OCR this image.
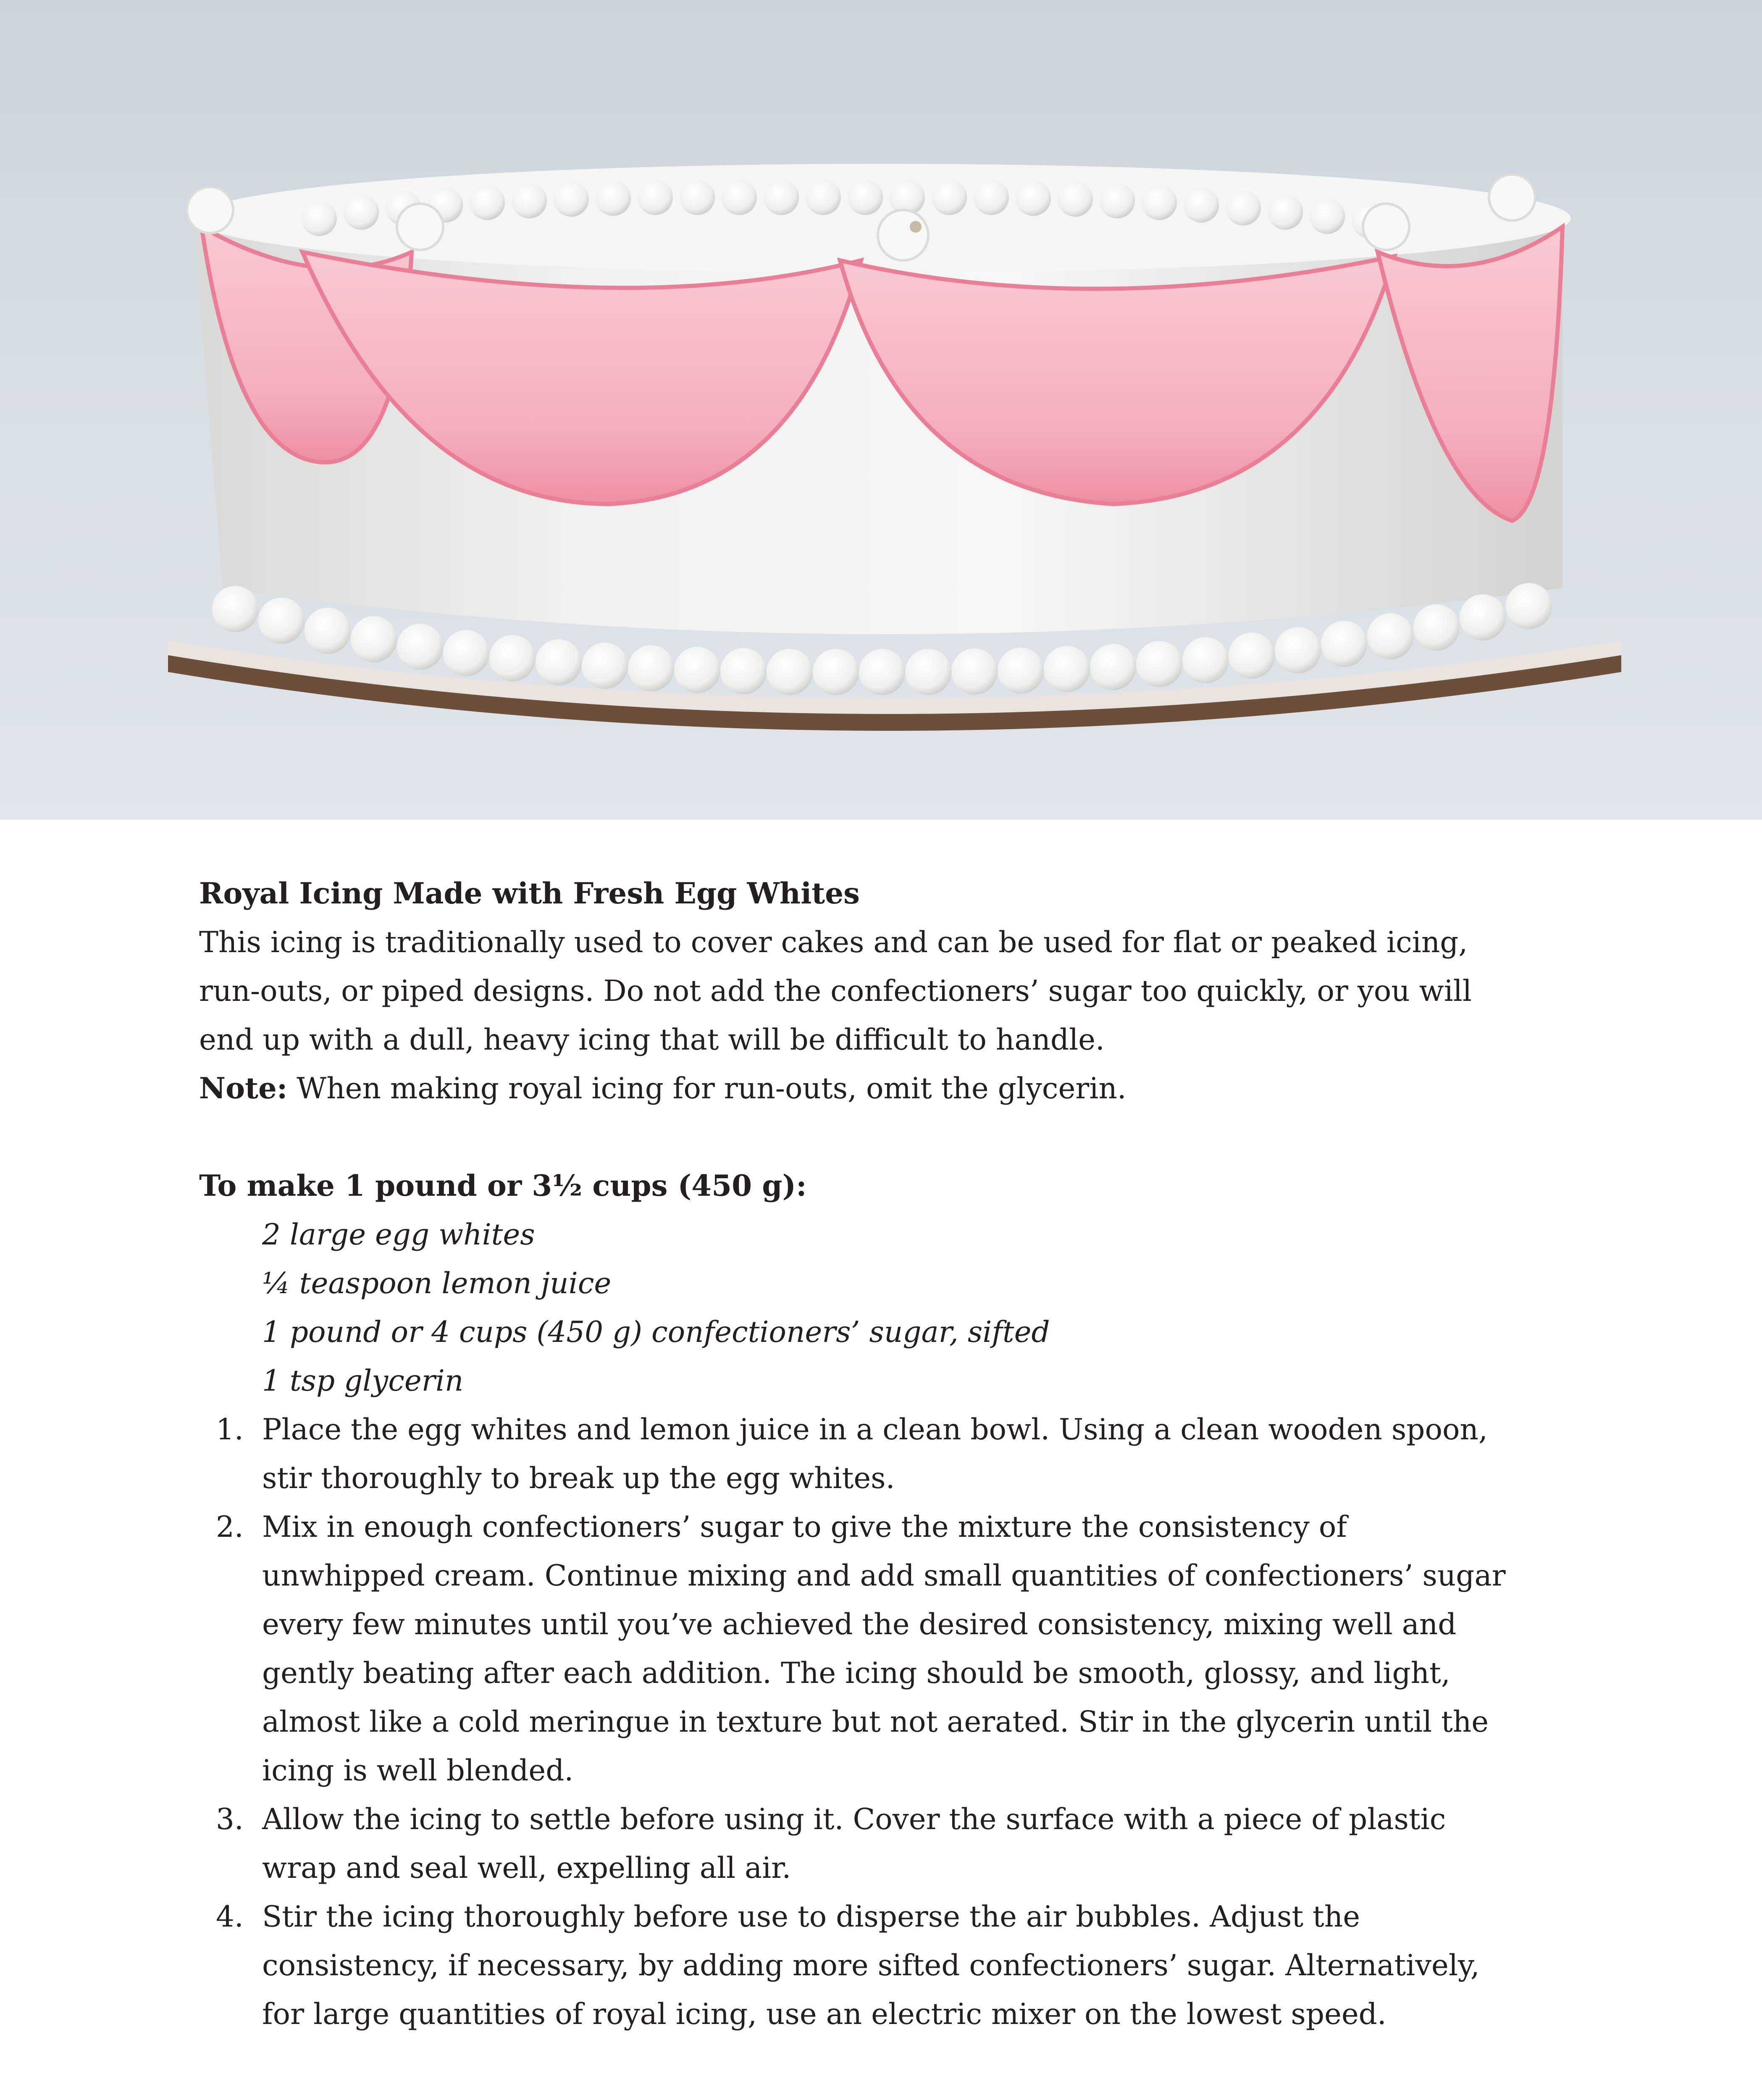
Royal Icing Made with Fresh Egg Whites

This icing is traditionally used to cover cakes and can be used for flat or peaked icing,

run-outs, or piped designs. Do not add the confectioners’ sugar too quickly, or you will

end up with a dull, heavy icing that will be difficult to handle.

Note: When making royal icing for run-outs, omit the glycerin.

To make 1 pound or 3½ cups (450 g):

2 large egg whites

¼ teaspoon lemon juice

1 pound or 4 cups (450 g) confectioners’ sugar, sifted

1 tsp glycerin

1. Place the egg whites and lemon juice in a clean bowl. Using a clean wooden spoon,
stir thoroughly to break up the egg whites.
2. Mix in enough confectioners’ sugar to give the mixture the consistency of
unwhipped cream. Continue mixing and add small quantities of confectioners’ sugar
every few minutes until you’ve achieved the desired consistency, mixing well and
gently beating after each addition. The icing should be smooth, glossy, and light,
almost like a cold meringue in texture but not aerated. Stir in the glycerin until the
icing is well blended.
3. Allow the icing to settle before using it. Cover the surface with a piece of plastic
wrap and seal well, expelling all air.
4. Stir the icing thoroughly before use to disperse the air bubbles. Adjust the
consistency, if necessary, by adding more sifted confectioners’ sugar. Alternatively,
for large quantities of royal icing, use an electric mixer on the lowest speed.
